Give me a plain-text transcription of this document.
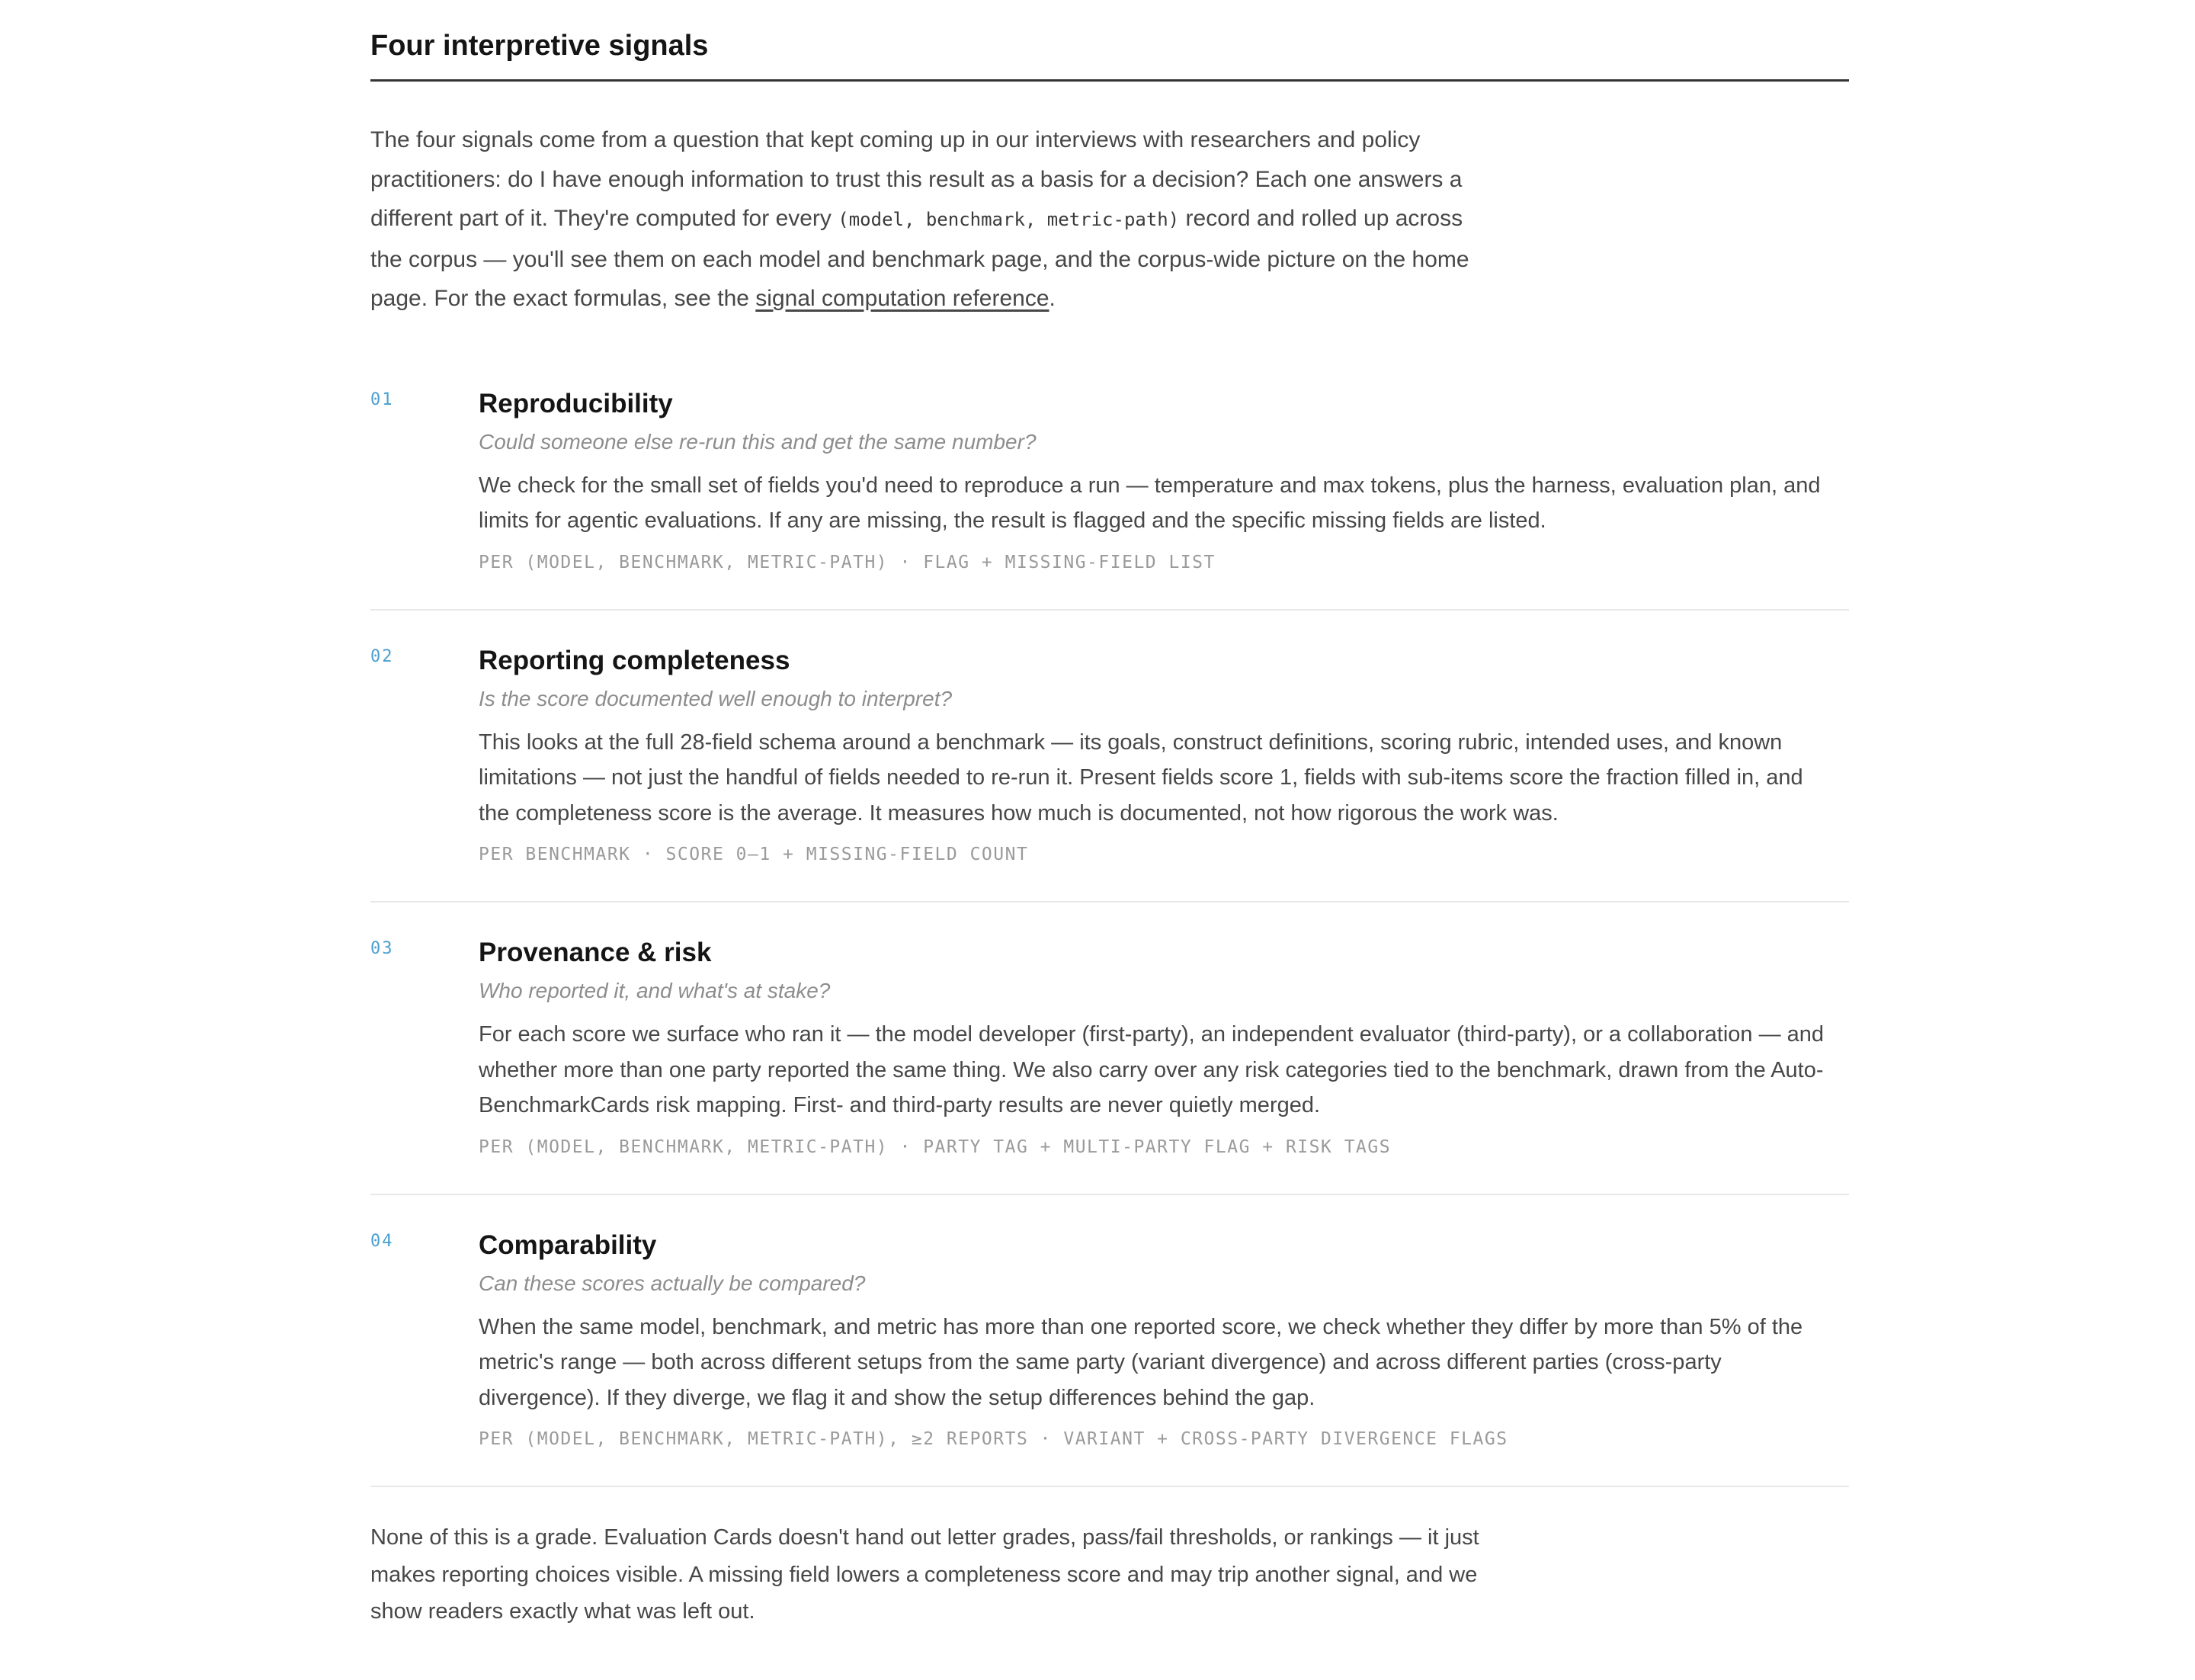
Four interpretive signals

The four signals come from a question that kept coming up in our interviews with researchers and policy practitioners: do I have enough information to trust this result as a basis for a decision? Each one answers a different part of it. They're computed for every (model, benchmark, metric-path) record and rolled up across the corpus — you'll see them on each model and benchmark page, and the corpus-wide picture on the home page. For the exact formulas, see the signal computation reference.

01	Reproducibility

Could someone else re-run this and get the same number?

We check for the small set of fields you'd need to reproduce a run — temperature and max tokens, plus the harness, evaluation plan, and limits for agentic evaluations. If any are missing, the result is flagged and the specific missing fields are listed.

PER (MODEL, BENCHMARK, METRIC-PATH) · FLAG + MISSING-FIELD LIST
02	Reporting completeness

Is the score documented well enough to interpret?

This looks at the full 28-field schema around a benchmark — its goals, construct definitions, scoring rubric, intended uses, and known limitations — not just the handful of fields needed to re-run it. Present fields score 1, fields with sub-items score the fraction filled in, and the completeness score is the average. It measures how much is documented, not how rigorous the work was.

PER BENCHMARK · SCORE 0–1 + MISSING-FIELD COUNT
03	Provenance & risk

Who reported it, and what's at stake?

For each score we surface who ran it — the model developer (first-party), an independent evaluator (third-party), or a collaboration — and whether more than one party reported the same thing. We also carry over any risk categories tied to the benchmark, drawn from the Auto-BenchmarkCards risk mapping. First- and third-party results are never quietly merged.

PER (MODEL, BENCHMARK, METRIC-PATH) · PARTY TAG + MULTI-PARTY FLAG + RISK TAGS
04	Comparability

Can these scores actually be compared?

When the same model, benchmark, and metric has more than one reported score, we check whether they differ by more than 5% of the metric's range — both across different setups from the same party (variant divergence) and across different parties (cross-party divergence). If they diverge, we flag it and show the setup differences behind the gap.

PER (MODEL, BENCHMARK, METRIC-PATH), ≥2 REPORTS · VARIANT + CROSS-PARTY DIVERGENCE FLAGS

None of this is a grade. Evaluation Cards doesn't hand out letter grades, pass/fail thresholds, or rankings — it just makes reporting choices visible. A missing field lowers a completeness score and may trip another signal, and we show readers exactly what was left out.
